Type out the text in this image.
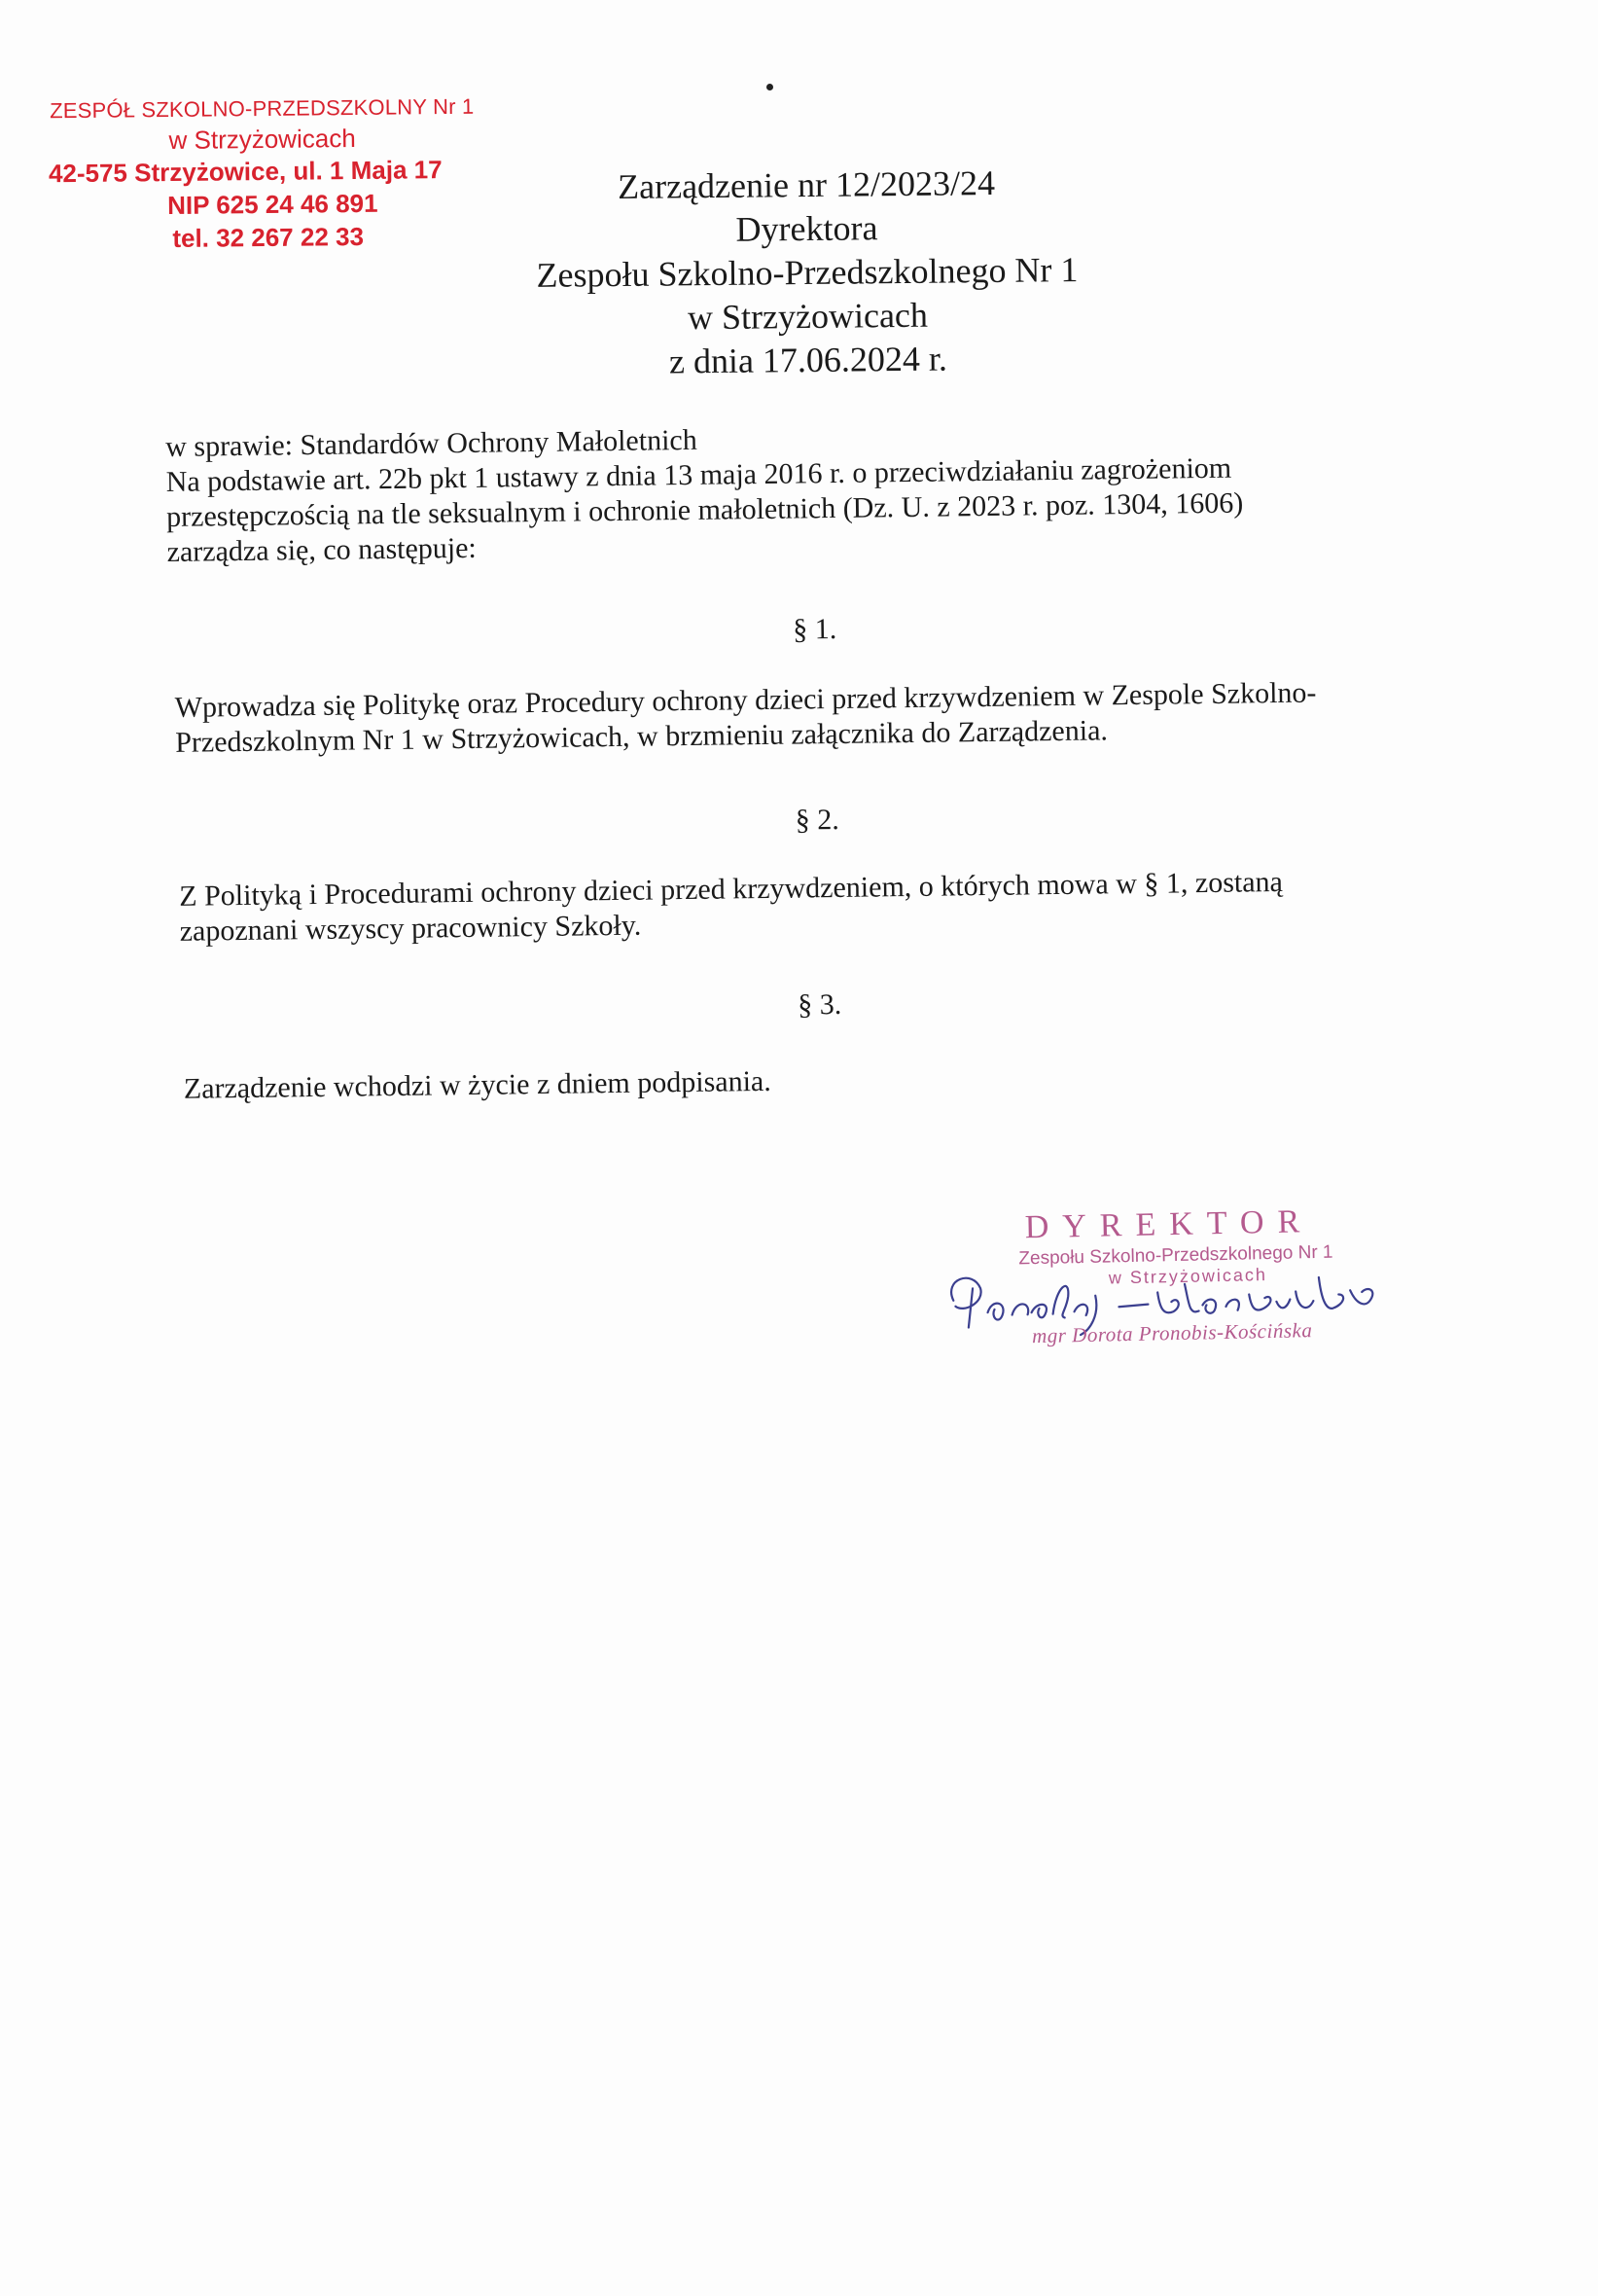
ZESPÓŁ SZKOLNO-PRZEDSZKOLNY Nr 1
w Strzyżowicach
42-575 Strzyżowice, ul. 1 Maja 17
NIP 625 24 46 891
tel. 32 267 22 33
Zarządzenie nr 12/2023/24
Dyrektora
Zespołu Szkolno-Przedszkolnego Nr 1
w Strzyżowicach
z dnia 17.06.2024 r.

w sprawie: Standardów Ochrony Małoletnich

Na podstawie art. 22b pkt 1 ustawy z dnia 13 maja 2016 r. o przeciwdziałaniu zagrożeniom

przestępczością na tle seksualnym i ochronie małoletnich (Dz. U. z 2023 r. poz. 1304, 1606)

zarządza się, co następuje:

§ 1.

Wprowadza się Politykę oraz Procedury ochrony dzieci przed krzywdzeniem w Zespole Szkolno-

Przedszkolnym Nr 1 w Strzyżowicach, w brzmieniu załącznika do Zarządzenia.

§ 2.

Z Polityką i Procedurami ochrony dzieci przed krzywdzeniem, o których mowa w § 1, zostaną

zapoznani wszyscy pracownicy Szkoły.

§ 3.

Zarządzenie wchodzi w życie z dniem podpisania.

DYREKTOR
Zespołu Szkolno-Przedszkolnego Nr 1
w Strzyżowicach
mgr Dorota Pronobis-Kościńska
